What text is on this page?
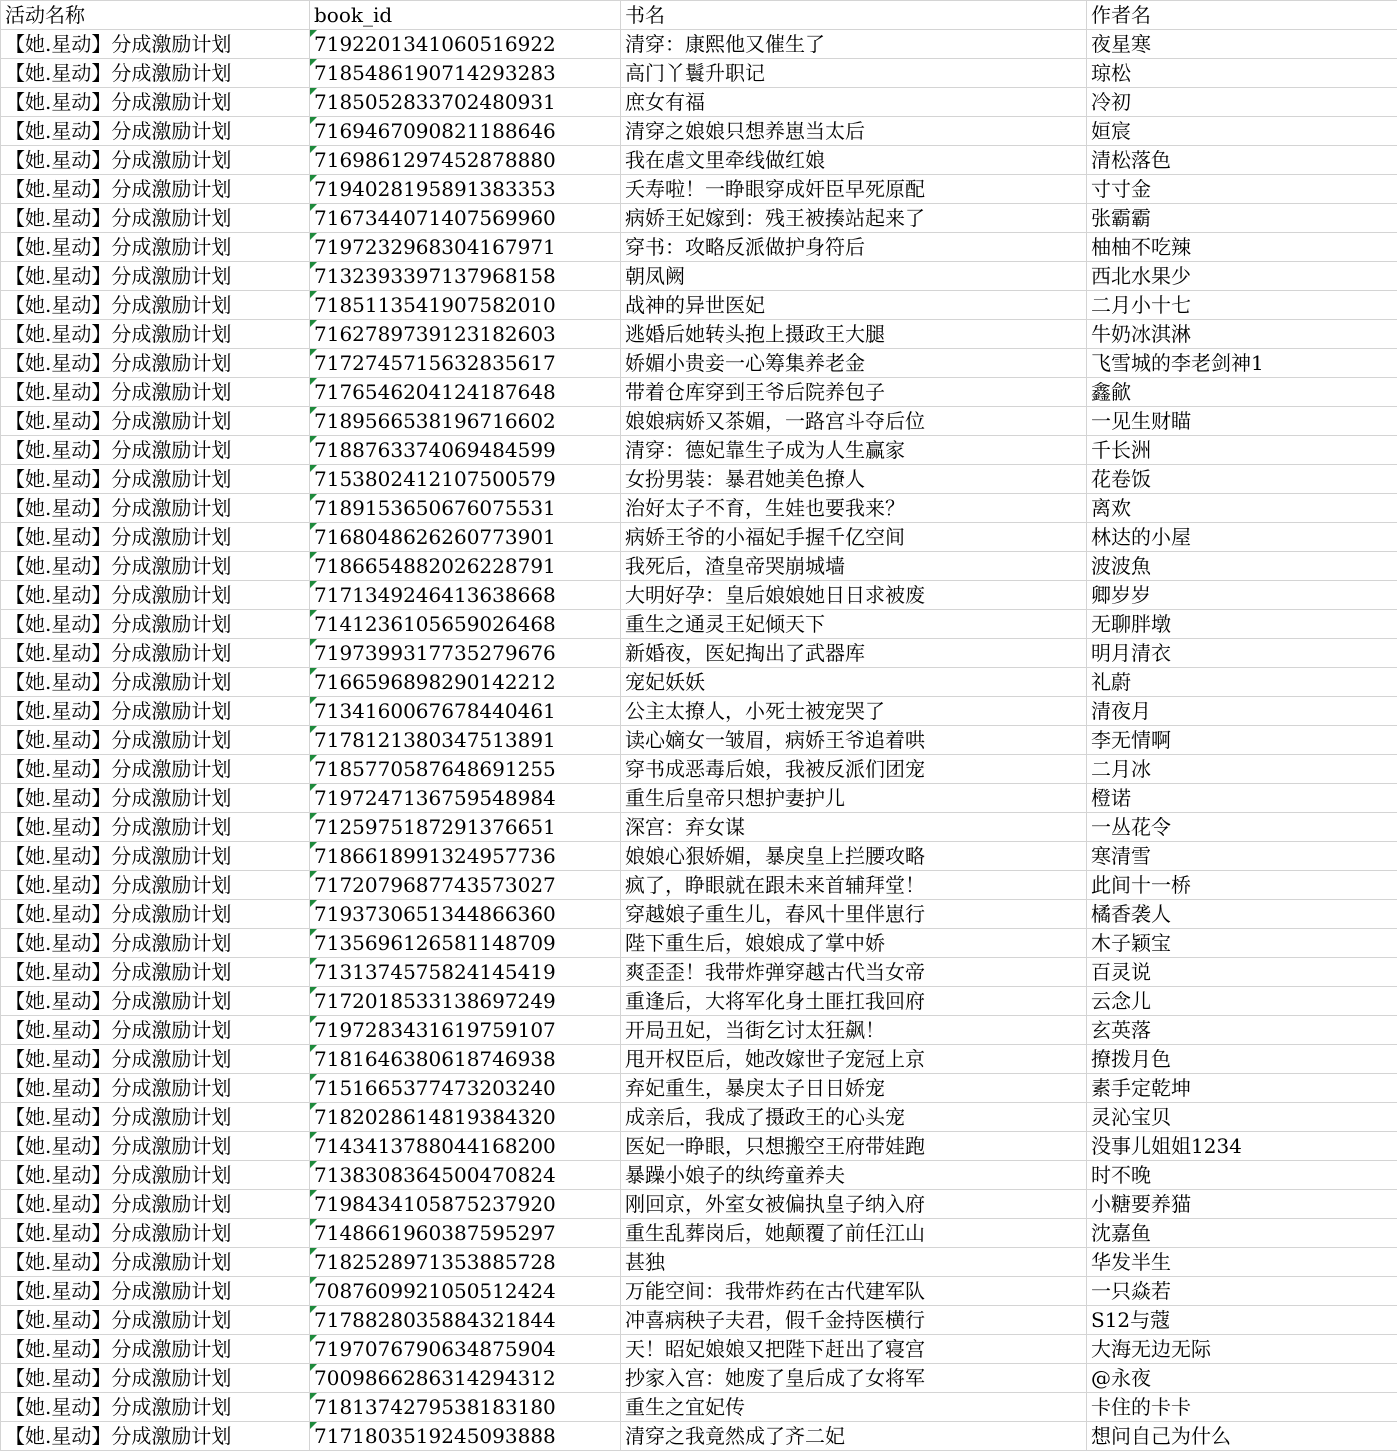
活动名称	book_id	书名	作者名
【她.星动】分成激励计划	7192201341060516922	清穿：康熙他又催生了	夜星寒
【她.星动】分成激励计划	7185486190714293283	高门丫鬟升职记	琼松
【她.星动】分成激励计划	7185052833702480931	庶女有福	冷初
【她.星动】分成激励计划	7169467090821188646	清穿之娘娘只想养崽当太后	姮宸
【她.星动】分成激励计划	7169861297452878880	我在虐文里牵线做红娘	清松落色
【她.星动】分成激励计划	7194028195891383353	夭寿啦！一睁眼穿成奸臣早死原配	寸寸金
【她.星动】分成激励计划	7167344071407569960	病娇王妃嫁到：残王被揍站起来了	张霸霸
【她.星动】分成激励计划	7197232968304167971	穿书：攻略反派做护身符后	柚柚不吃辣
【她.星动】分成激励计划	7132393397137968158	朝凤阙	西北水果少
【她.星动】分成激励计划	7185113541907582010	战神的异世医妃	二月小十七
【她.星动】分成激励计划	7162789739123182603	逃婚后她转头抱上摄政王大腿	牛奶冰淇淋
【她.星动】分成激励计划	7172745715632835617	娇媚小贵妾一心筹集养老金	飞雪城的李老剑神1
【她.星动】分成激励计划	7176546204124187648	带着仓库穿到王爷后院养包子	鑫歈
【她.星动】分成激励计划	7189566538196716602	娘娘病娇又茶媚，一路宫斗夺后位	一见生财瞄
【她.星动】分成激励计划	7188763374069484599	清穿：德妃靠生子成为人生赢家	千长洲
【她.星动】分成激励计划	7153802412107500579	女扮男装：暴君她美色撩人	花卷饭
【她.星动】分成激励计划	7189153650676075531	治好太子不育，生娃也要我来？	离欢
【她.星动】分成激励计划	7168048626260773901	病娇王爷的小福妃手握千亿空间	林达的小屋
【她.星动】分成激励计划	7186654882026228791	我死后，渣皇帝哭崩城墙	波波魚
【她.星动】分成激励计划	7171349246413638668	大明好孕：皇后娘娘她日日求被废	卿岁岁
【她.星动】分成激励计划	7141236105659026468	重生之通灵王妃倾天下	无聊胖墩
【她.星动】分成激励计划	7197399317735279676	新婚夜，医妃掏出了武器库	明月清衣
【她.星动】分成激励计划	7166596898290142212	宠妃妖妖	礼蔚
【她.星动】分成激励计划	7134160067678440461	公主太撩人，小死士被宠哭了	清夜月
【她.星动】分成激励计划	7178121380347513891	读心嫡女一皱眉，病娇王爷追着哄	李无情啊
【她.星动】分成激励计划	7185770587648691255	穿书成恶毒后娘，我被反派们团宠	二月冰
【她.星动】分成激励计划	7197247136759548984	重生后皇帝只想护妻护儿	橙诺
【她.星动】分成激励计划	7125975187291376651	深宫：弃女谋	一丛花令
【她.星动】分成激励计划	7186618991324957736	娘娘心狠娇媚，暴戾皇上拦腰攻略	寒清雪
【她.星动】分成激励计划	7172079687743573027	疯了，睁眼就在跟未来首辅拜堂！	此间十一桥
【她.星动】分成激励计划	7193730651344866360	穿越娘子重生儿，春风十里伴崽行	橘香袭人
【她.星动】分成激励计划	7135696126581148709	陛下重生后，娘娘成了掌中娇	木子颖宝
【她.星动】分成激励计划	7131374575824145419	爽歪歪！我带炸弹穿越古代当女帝	百灵说
【她.星动】分成激励计划	7172018533138697249	重逢后，大将军化身土匪扛我回府	云念儿
【她.星动】分成激励计划	7197283431619759107	开局丑妃，当街乞讨太狂飙！	玄英落
【她.星动】分成激励计划	7181646380618746938	甩开权臣后，她改嫁世子宠冠上京	撩拨月色
【她.星动】分成激励计划	7151665377473203240	弃妃重生，暴戾太子日日娇宠	素手定乾坤
【她.星动】分成激励计划	7182028614819384320	成亲后，我成了摄政王的心头宠	灵沁宝贝
【她.星动】分成激励计划	7143413788044168200	医妃一睁眼，只想搬空王府带娃跑	没事儿姐姐1234
【她.星动】分成激励计划	7138308364500470824	暴躁小娘子的纨绔童养夫	时不晚
【她.星动】分成激励计划	7198434105875237920	刚回京，外室女被偏执皇子纳入府	小糖要养猫
【她.星动】分成激励计划	7148661960387595297	重生乱葬岗后，她颠覆了前任江山	沈嘉鱼
【她.星动】分成激励计划	7182528971353885728	甚独	华发半生
【她.星动】分成激励计划	7087609921050512424	万能空间：我带炸药在古代建军队	一只焱若
【她.星动】分成激励计划	7178828035884321844	冲喜病秧子夫君，假千金持医横行	S12与蔻
【她.星动】分成激励计划	7197076790634875904	天！昭妃娘娘又把陛下赶出了寝宫	大海无边无际
【她.星动】分成激励计划	7009866286314294312	抄家入宫：她废了皇后成了女将军	@永夜
【她.星动】分成激励计划	7181374279538183180	重生之宜妃传	卡住的卡卡
【她.星动】分成激励计划	7171803519245093888	清穿之我竟然成了齐二妃	想问自己为什么
